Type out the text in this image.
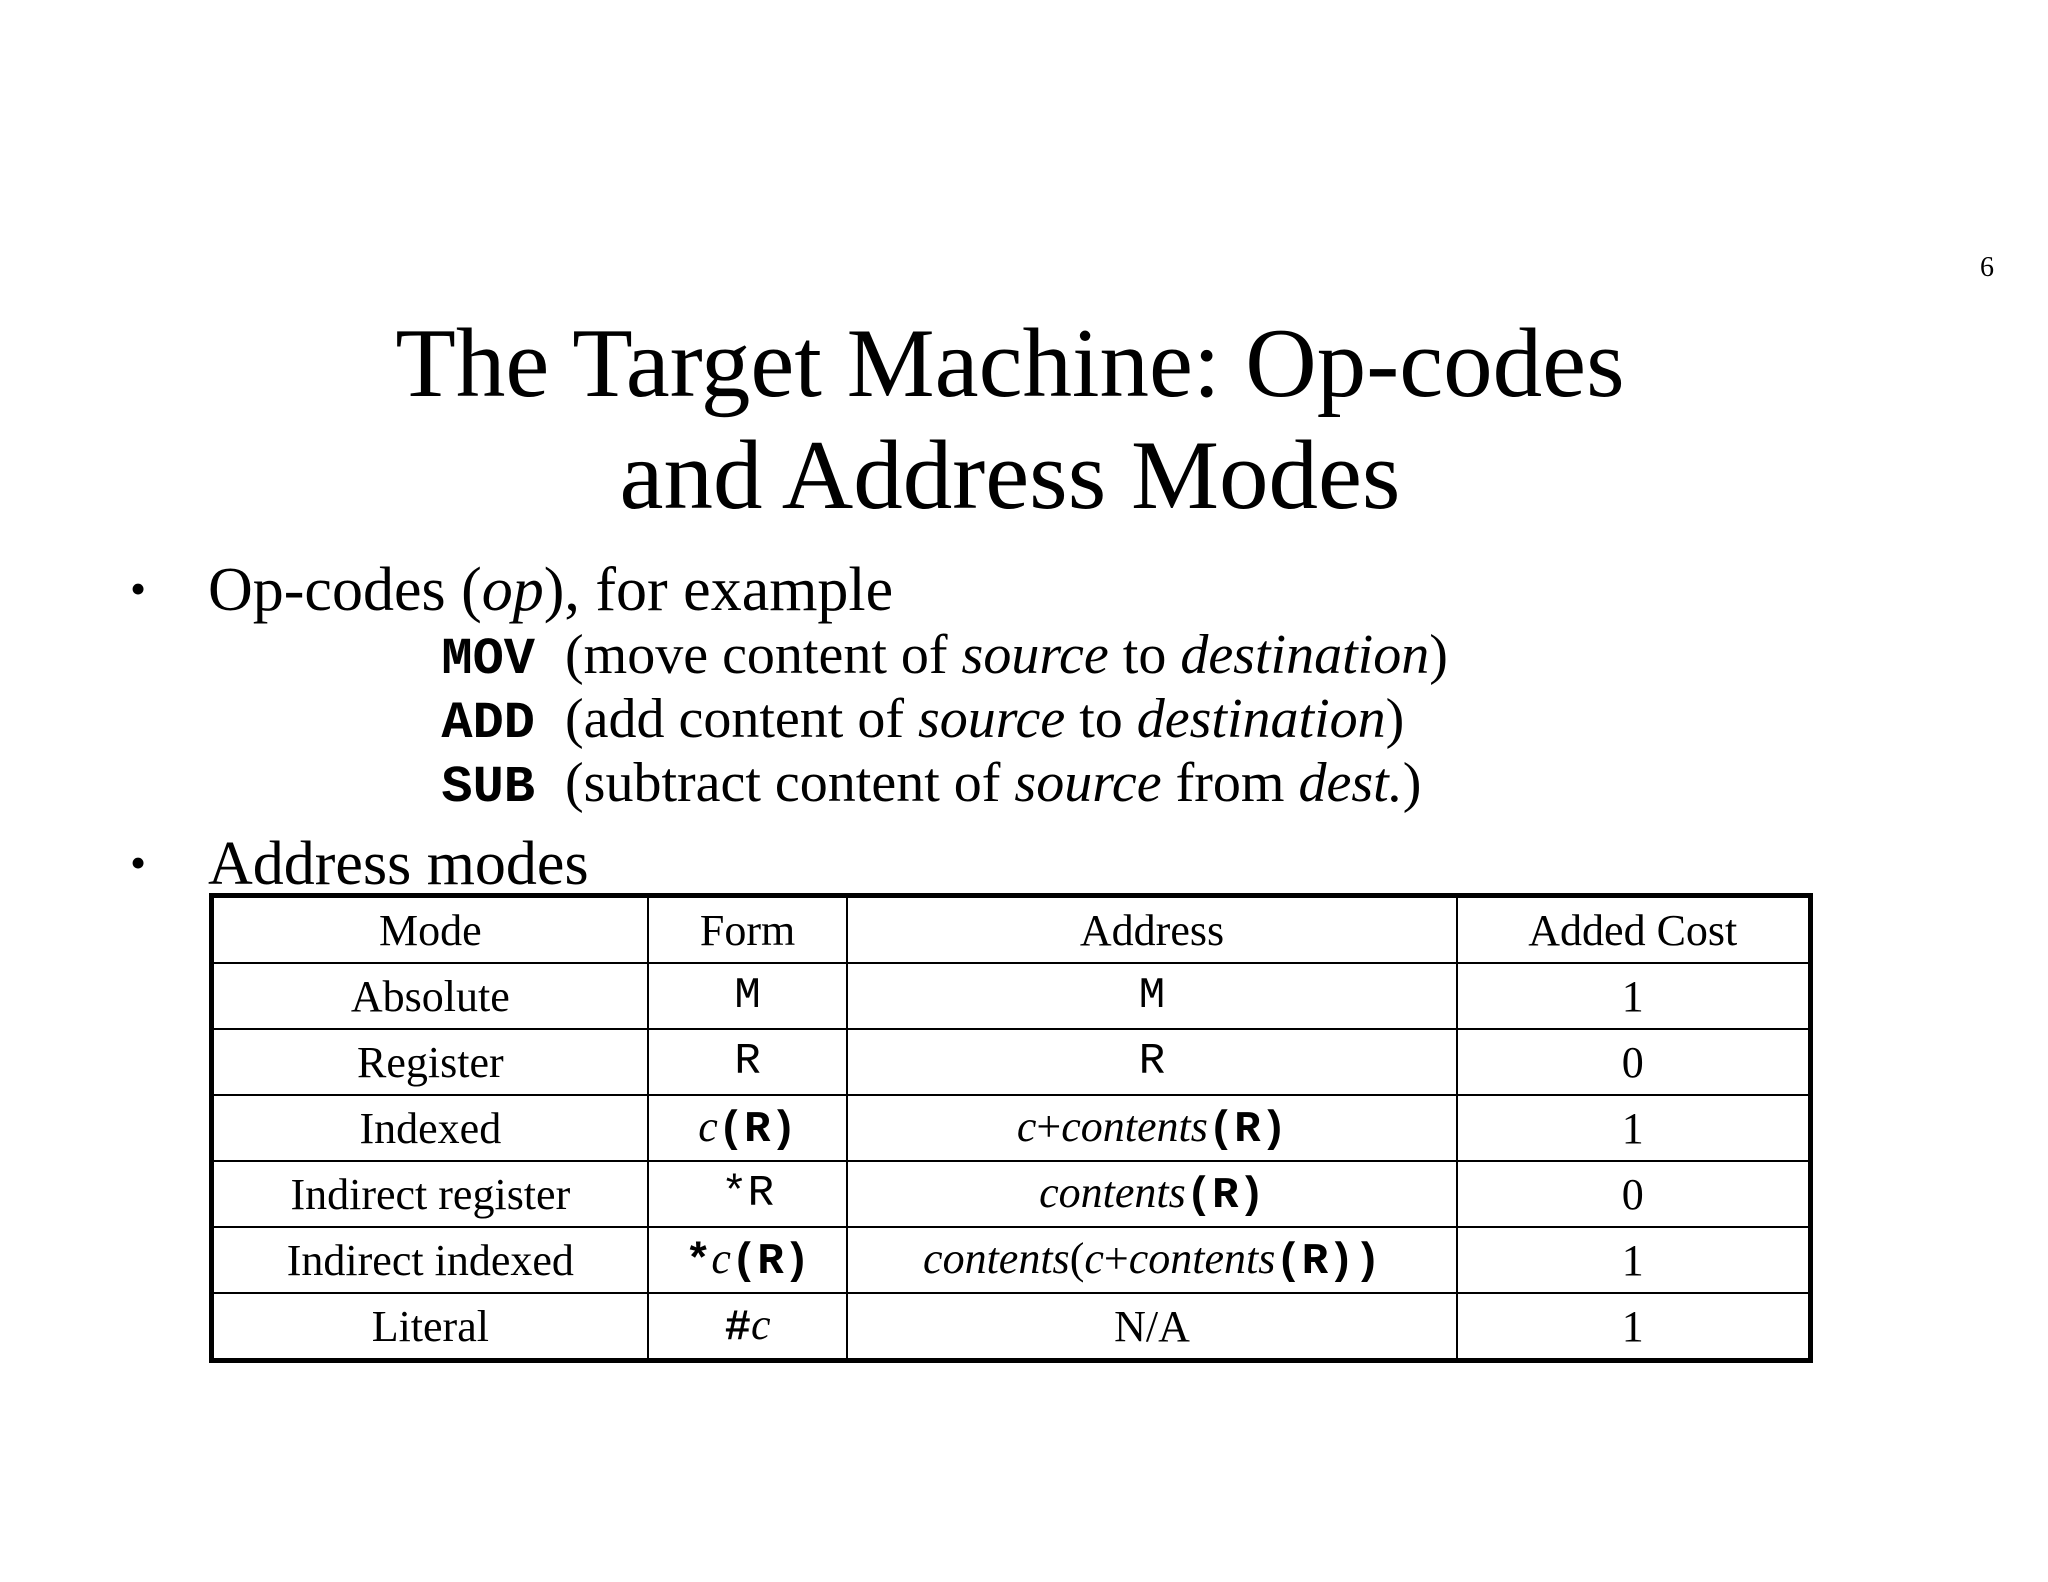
6
The Target Machine: Op-codes
and Address Modes
• Op-codes (op), for example
MOV (move content of source to destination)
ADD (add content of source to destination)
SUB (subtract content of source from dest.)
• Address modes
Mode	Form	Address	Added Cost
Absolute	M	M	1
Register	R	R	0
Indexed	c(R)	c+contents(R)	1
Indirect register	*R	contents(R)	0
Indirect indexed	*c(R)	contents(c+contents(R))	1
Literal	#c	N/A	1
